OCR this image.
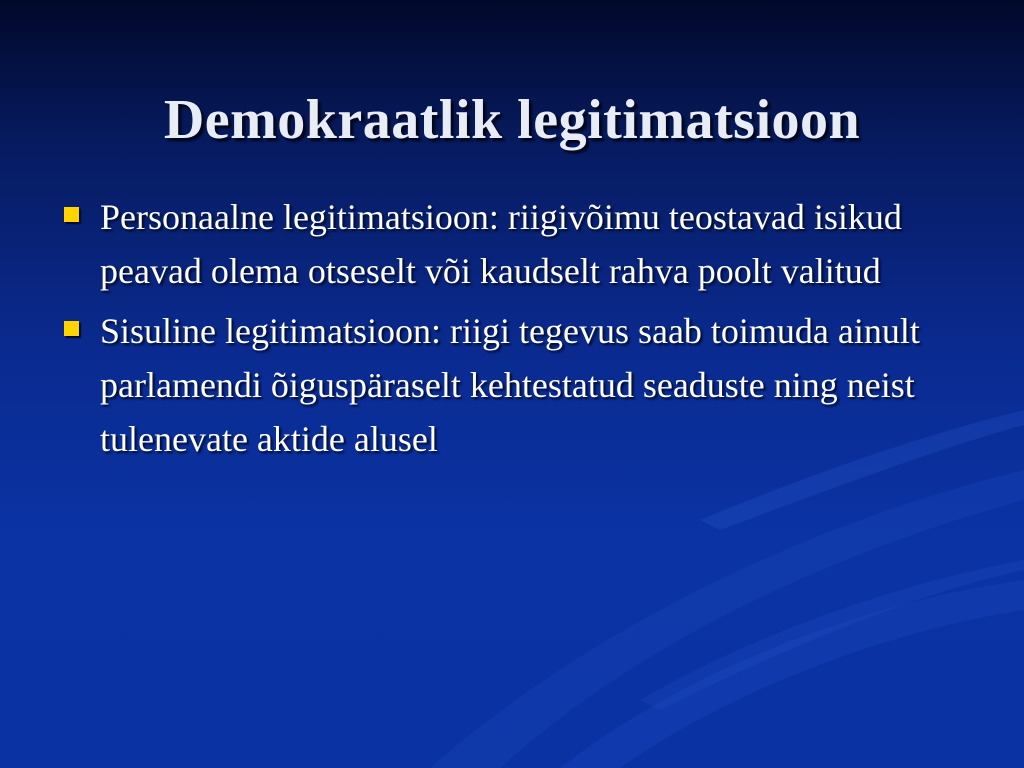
Demokraatlik legitimatsioon
Personaalne legitimatsioon: riigivõimu teostavad isikud peavad olema otseselt või kaudselt rahva poolt valitud
Sisuline legitimatsioon: riigi tegevus saab toimuda ainult parlamendi õiguspäraselt kehtestatud seaduste ning neist tulenevate aktide alusel
